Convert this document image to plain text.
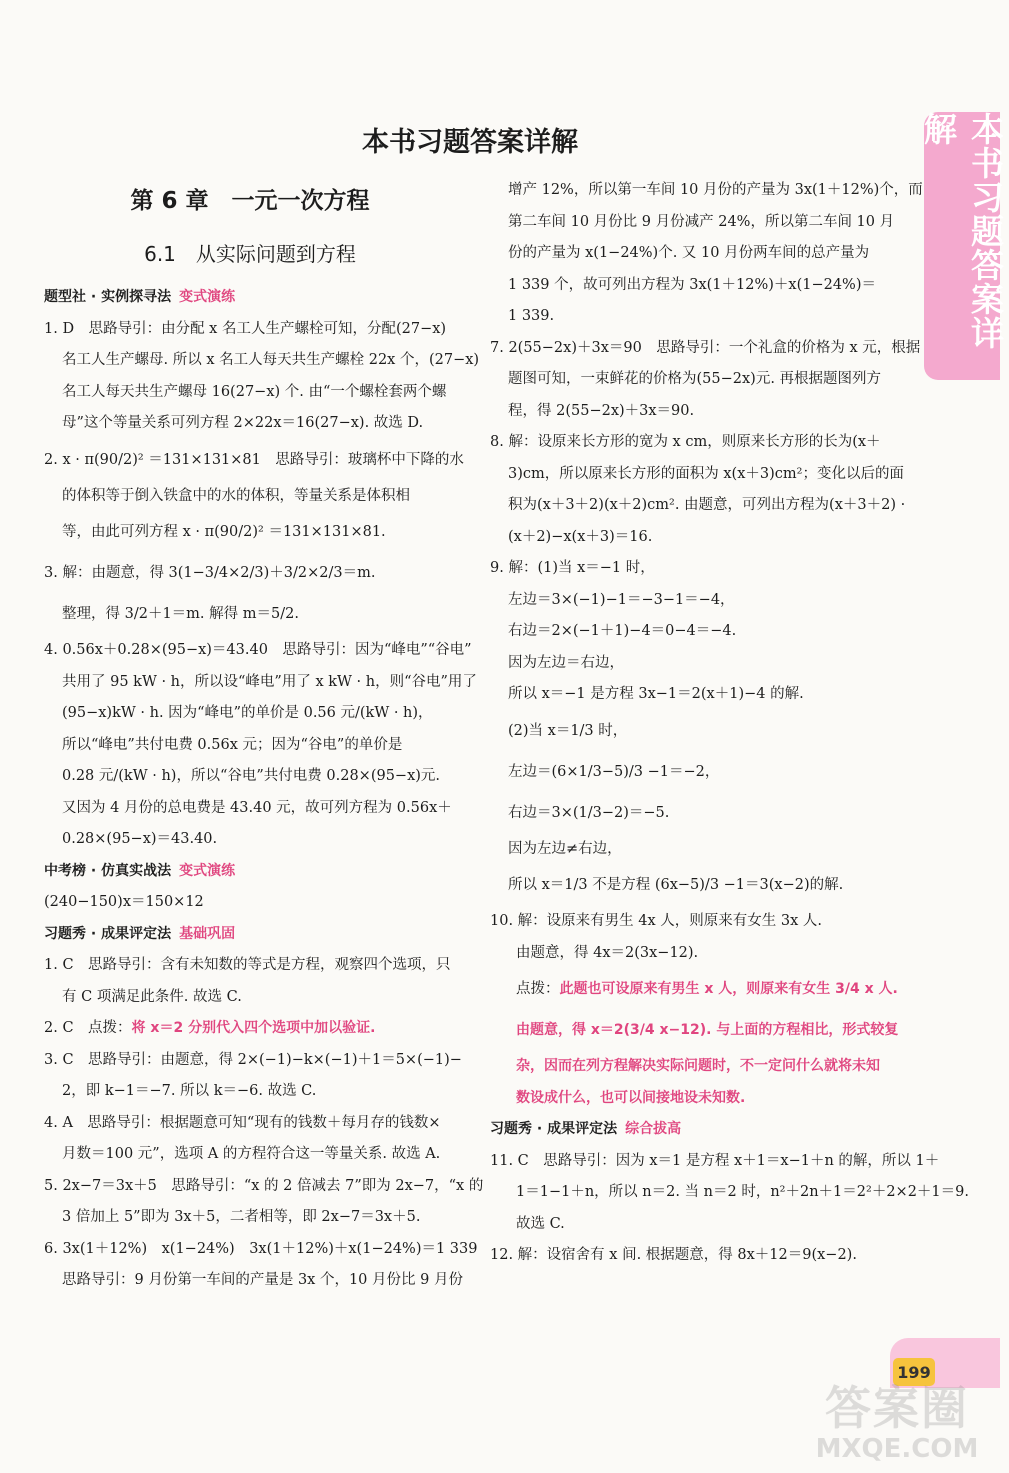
本书习题答案详解
本书习题答案详解
第 6 章　一元一次方程
6.1　从实际问题到方程
题型社 · 实例探寻法 变式演练
1. D　思路导引：由分配 x 名工人生产螺栓可知，分配(27−x)
名工人生产螺母. 所以 x 名工人每天共生产螺栓 22x 个，(27−x)
名工人每天共生产螺母 16(27−x) 个. 由“一个螺栓套两个螺
母”这个等量关系可列方程 2×22x＝16(27−x). 故选 D.
2. x · π(90/2)² ＝131×131×81　思路导引：玻璃杯中下降的水
的体积等于倒入铁盒中的水的体积，等量关系是体积相
等，由此可列方程 x · π(90/2)² ＝131×131×81.
3. 解：由题意，得 3(1−3/4×2/3)＋3/2×2/3＝m.
整理，得 3/2＋1＝m. 解得 m＝5/2.
4. 0.56x＋0.28×(95−x)＝43.40　思路导引：因为“峰电”“谷电”
共用了 95 kW · h，所以设“峰电”用了 x kW · h，则“谷电”用了
(95−x)kW · h. 因为“峰电”的单价是 0.56 元/(kW · h)，
所以“峰电”共付电费 0.56x 元；因为“谷电”的单价是
0.28 元/(kW · h)，所以“谷电”共付电费 0.28×(95−x)元.
又因为 4 月份的总电费是 43.40 元，故可列方程为 0.56x＋
0.28×(95−x)＝43.40.
中考榜 · 仿真实战法 变式演练
(240−150)x＝150×12
习题秀 · 成果评定法 基础巩固
1. C　思路导引：含有未知数的等式是方程，观察四个选项，只
有 C 项满足此条件. 故选 C.
2. C　点拨：将 x＝2 分别代入四个选项中加以验证.
3. C　思路导引：由题意，得 2×(−1)−k×(−1)＋1＝5×(−1)−
2，即 k−1＝−7. 所以 k＝−6. 故选 C.
4. A　思路导引：根据题意可知“现有的钱数＋每月存的钱数×
月数＝100 元”，选项 A 的方程符合这一等量关系. 故选 A.
5. 2x−7＝3x＋5　思路导引：“x 的 2 倍减去 7”即为 2x−7，“x 的
3 倍加上 5”即为 3x＋5，二者相等，即 2x−7＝3x＋5.
6. 3x(1＋12%)　x(1−24%)　3x(1＋12%)＋x(1−24%)＝1 339
思路导引：9 月份第一车间的产量是 3x 个，10 月份比 9 月份
增产 12%，所以第一车间 10 月份的产量为 3x(1＋12%)个，而
第二车间 10 月份比 9 月份减产 24%，所以第二车间 10 月
份的产量为 x(1−24%)个. 又 10 月份两车间的总产量为
1 339 个，故可列出方程为 3x(1＋12%)＋x(1−24%)＝
1 339.
7. 2(55−2x)＋3x＝90　思路导引：一个礼盒的价格为 x 元，根据
题图可知，一束鲜花的价格为(55−2x)元. 再根据题图列方
程，得 2(55−2x)＋3x＝90.
8. 解：设原来长方形的宽为 x cm，则原来长方形的长为(x＋
3)cm，所以原来长方形的面积为 x(x＋3)cm²；变化以后的面
积为(x＋3＋2)(x＋2)cm². 由题意，可列出方程为(x＋3＋2) ·
(x＋2)−x(x＋3)＝16.
9. 解：(1)当 x＝−1 时，
左边＝3×(−1)−1＝−3−1＝−4，
右边＝2×(−1＋1)−4＝0−4＝−4.
因为左边＝右边，
所以 x＝−1 是方程 3x−1＝2(x＋1)−4 的解.
(2)当 x＝1/3 时，
左边＝(6×1/3−5)/3 −1＝−2，
右边＝3×(1/3−2)＝−5.
因为左边≠右边，
所以 x＝1/3 不是方程 (6x−5)/3 −1＝3(x−2)的解.
10. 解：设原来有男生 4x 人，则原来有女生 3x 人.
由题意，得 4x＝2(3x−12).
点拨：此题也可设原来有男生 x 人，则原来有女生 3/4 x 人.
由题意，得 x＝2(3/4 x−12). 与上面的方程相比，形式较复
杂，因而在列方程解决实际问题时，不一定问什么就将未知
数设成什么，也可以间接地设未知数.
习题秀 · 成果评定法 综合拔高
11. C　思路导引：因为 x＝1 是方程 x＋1＝x−1＋n 的解，所以 1＋
1＝1−1＋n，所以 n＝2. 当 n＝2 时，n²＋2n＋1＝2²＋2×2＋1＝9.
故选 C.
12. 解：设宿舍有 x 间. 根据题意，得 8x＋12＝9(x−2).
199
答案圈
MXQE.COM
